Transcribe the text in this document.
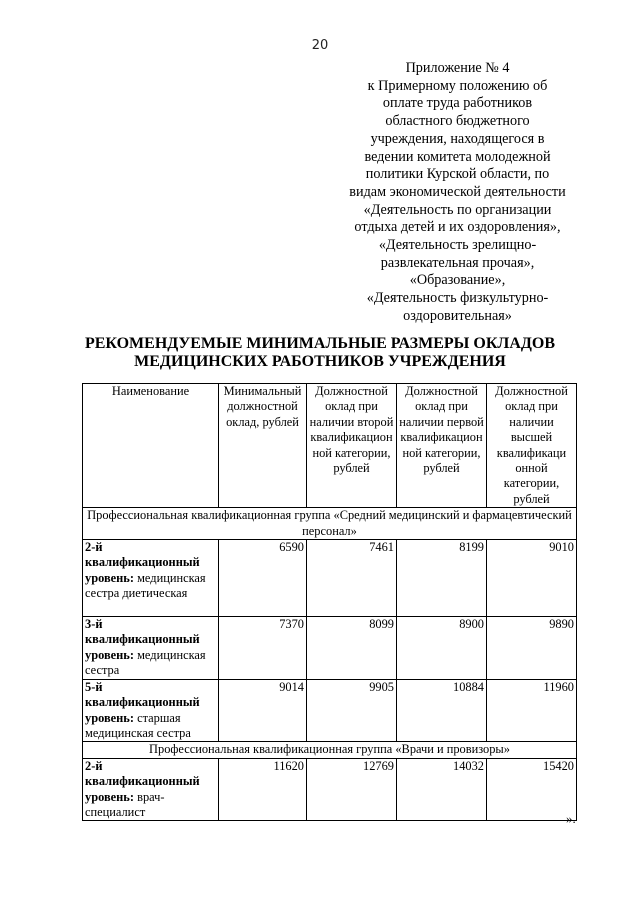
20
Приложение № 4
к Примерному положению об
оплате труда работников
областного бюджетного
учреждения, находящегося в
ведении комитета молодежной
политики Курской области, по
видам экономической деятельности
«Деятельность по организации
отдыха детей и их оздоровления»,
«Деятельность зрелищно-
развлекательная прочая»,
«Образование»,
«Деятельность физкультурно-
оздоровительная»
РЕКОМЕНДУЕМЫЕ МИНИМАЛЬНЫЕ РАЗМЕРЫ ОКЛАДОВ
МЕДИЦИНСКИХ РАБОТНИКОВ УЧРЕЖДЕНИЯ
Наименование	Минимальный должностной оклад, рублей	Должностной оклад при наличии второй квалификацион ной категории, рублей	Должностной оклад при наличии первой квалификацион ной категории, рублей	Должностной оклад при наличии высшей квалификаци онной категории, рублей
Профессиональная квалификационная группа «Средний медицинский и фармацевтический персонал»				
2-й квалификационный уровень: медицинская сестра диетическая	6590	7461	8199	9010
3-й квалификационный уровень: медицинская сестра	7370	8099	8900	9890
5-й квалификационный уровень: старшая медицинская сестра	9014	9905	10884	11960
Профессиональная квалификационная группа «Врачи и провизоры»				
2-й квалификационный уровень: врач-специалист	11620	12769	14032	15420
».
